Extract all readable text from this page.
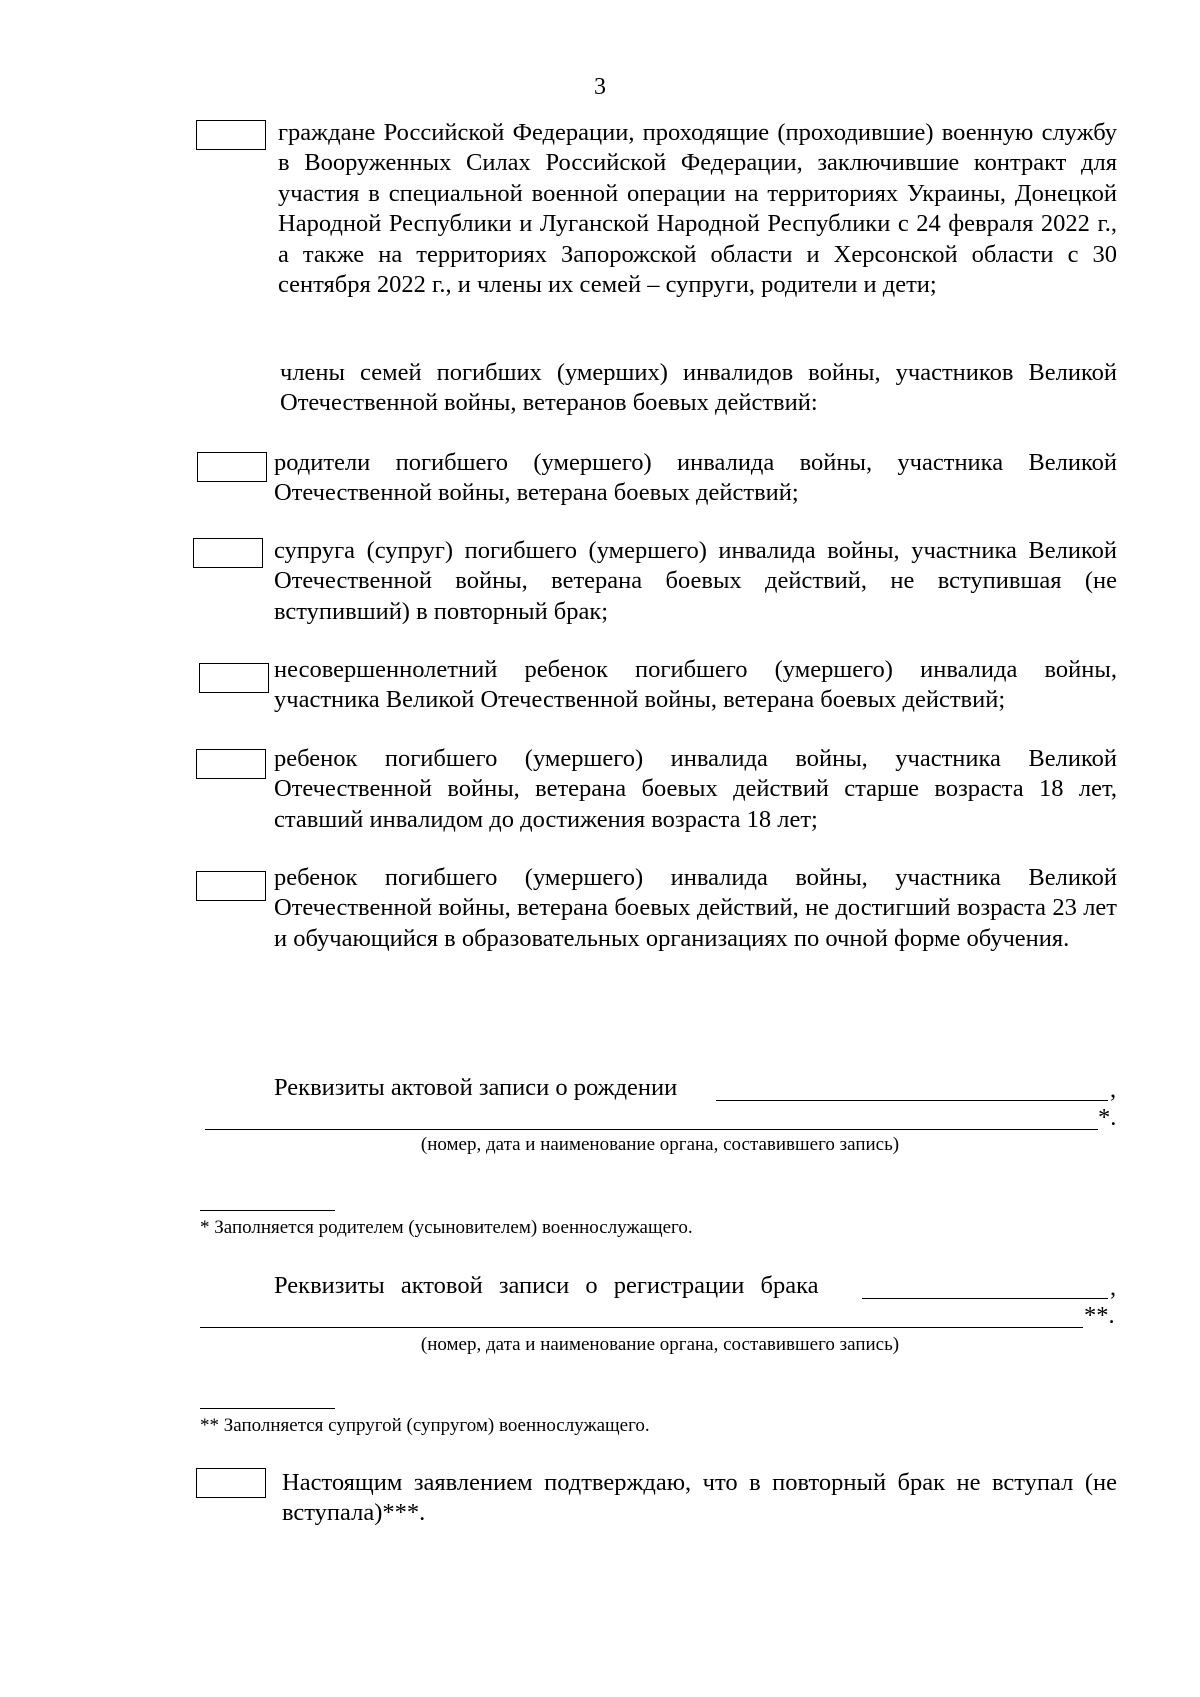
3
граждане Российской Федерации, проходящие (проходившие) военную службу в Вооруженных Силах Российской Федерации, заключившие контракт для участия в специальной военной операции на территориях Украины, Донецкой Народной Республики и Луганской Народной Республики с 24 февраля 2022 г., а также на территориях Запорожской области и Херсонской области с 30 сентября 2022 г., и члены их семей – супруги, родители и дети;
члены семей погибших (умерших) инвалидов войны, участников Великой Отечественной войны, ветеранов боевых действий:
родители погибшего (умершего) инвалида войны, участника Великой Отечественной войны, ветерана боевых действий;
супруга (супруг) погибшего (умершего) инвалида войны, участника Великой Отечественной войны, ветерана боевых действий, не вступившая (не вступивший) в повторный брак;
несовершеннолетний ребенок погибшего (умершего) инвалида войны, участника Великой Отечественной войны, ветерана боевых действий;
ребенок погибшего (умершего) инвалида войны, участника Великой Отечественной войны, ветерана боевых действий старше возраста 18 лет, ставший инвалидом до достижения возраста 18 лет;
ребенок погибшего (умершего) инвалида войны, участника Великой Отечественной войны, ветерана боевых действий, не достигший возраста 23 лет и обучающийся в образовательных организациях по очной форме обучения.
Реквизиты актовой записи о рождении	,
*.
(номер, дата и наименование органа, составившего запись)
* Заполняется родителем (усыновителем) военнослужащего.
Реквизиты актовой записи о регистрации брака	,
**.
(номер, дата и наименование органа, составившего запись)
** Заполняется супругой (супругом) военнослужащего.
Настоящим заявлением подтверждаю, что в повторный брак не вступал (не вступала)***.
